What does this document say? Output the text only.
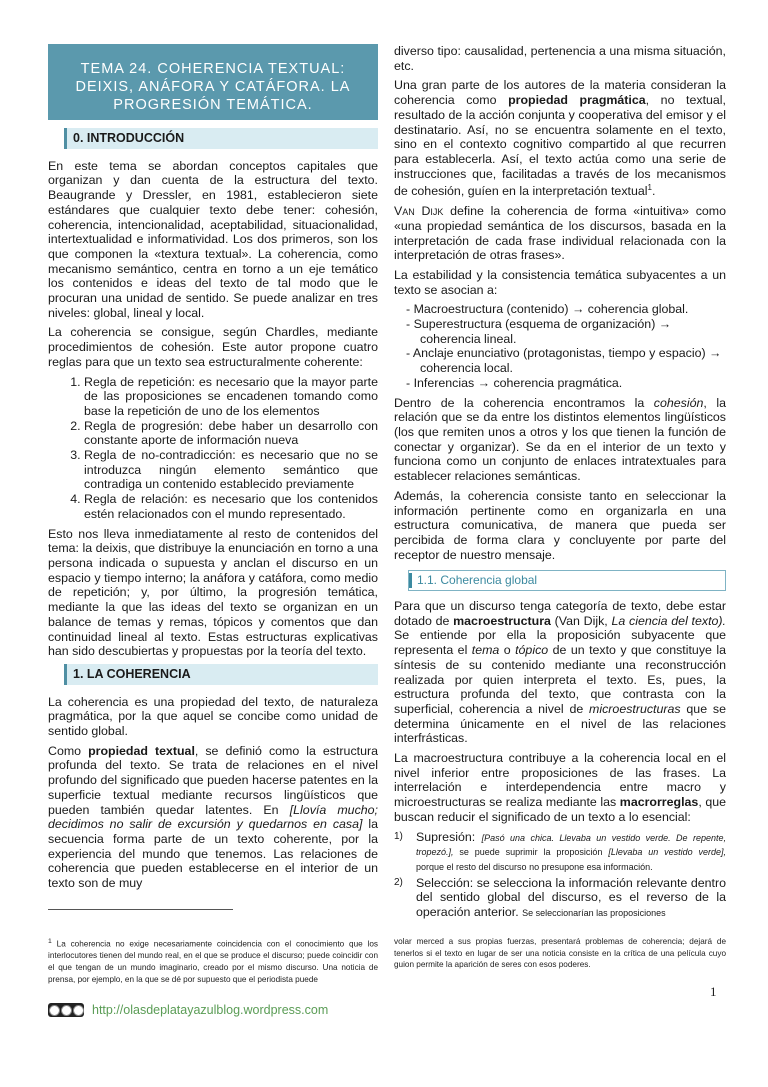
TEMA 24. COHERENCIA TEXTUAL: DEIXIS, ANÁFORA Y CATÁFORA. LA PROGRESIÓN TEMÁTICA.
0. INTRODUCCIÓN

En este tema se abordan conceptos capitales que organizan y dan cuenta de la estructura del texto. Beaugrande y Dressler, en 1981, establecieron siete estándares que cualquier texto debe tener: cohesión, coherencia, intencionalidad, aceptabilidad, situacionalidad, intertextualidad e informatividad. Los dos primeros, son los que componen la «textura textual». La coherencia, como mecanismo semántico, centra en torno a un eje temático los contenidos e ideas del texto de tal modo que le procuran una unidad de sentido. Se puede analizar en tres niveles: global, lineal y local.

La coherencia se consigue, según Chardles, mediante procedimientos de cohesión. Este autor propone cuatro reglas para que un texto sea estructuralmente coherente:

1. Regla de repetición: es necesario que la mayor parte de las proposiciones se encadenen tomando como base la repetición de uno de los elementos
2. Regla de progresión: debe haber un desarrollo con constante aporte de información nueva
3. Regla de no-contradicción: es necesario que no se introduzca ningún elemento semántico que contradiga un contenido establecido previamente
4. Regla de relación: es necesario que los contenidos estén relacionados con el mundo representado.

Esto nos lleva inmediatamente al resto de contenidos del tema: la deixis, que distribuye la enunciación en torno a una persona indicada o supuesta y anclan el discurso en un espacio y tiempo interno; la anáfora y catáfora, como medio de repetición; y, por último, la progresión temática, mediante la que las ideas del texto se organizan en un balance de temas y remas, tópicos y comentos que dan continuidad lineal al texto. Estas estructuras explicativas han sido descubiertas y propuestas por la teoría del texto.

1. LA COHERENCIA

La coherencia es una propiedad del texto, de naturaleza pragmática, por la que aquel se concibe como unidad de sentido global.

Como propiedad textual, se definió como la estructura profunda del texto. Se trata de relaciones en el nivel profundo del significado que pueden hacerse patentes en la superficie textual mediante recursos lingüísticos que pueden también quedar latentes. En [Llovía mucho; decidimos no salir de excursión y quedarnos en casa] la secuencia forma parte de un texto coherente, por la experiencia del mundo que tenemos. Las relaciones de coherencia que pueden establecerse en el interior de un texto son de muy

diverso tipo: causalidad, pertenencia a una misma situación, etc.

Una gran parte de los autores de la materia consideran la coherencia como propiedad pragmática, no textual, resultado de la acción conjunta y cooperativa del emisor y el destinatario. Así, no se encuentra solamente en el texto, sino en el contexto cognitivo compartido al que recurren para establecerla. Así, el texto actúa como una serie de instrucciones que, facilitadas a través de los mecanismos de cohesión, guíen en la interpretación textual$^1$.

Van Dijk define la coherencia de forma «intuitiva» como «una propiedad semántica de los discursos, basada en la interpretación de cada frase individual relacionada con la interpretación de otras frases».

La estabilidad y la consistencia temática subyacentes a un texto se asocian a:

- Macroestructura (contenido) → coherencia global.
- Superestructura (esquema de organización) → coherencia lineal.
- Anclaje enunciativo (protagonistas, tiempo y espacio) → coherencia local.
- Inferencias → coherencia pragmática.

Dentro de la coherencia encontramos la cohesión, la relación que se da entre los distintos elementos lingüísticos (los que remiten unos a otros y los que tienen la función de conectar y organizar). Se da en el interior de un texto y funciona como un conjunto de enlaces intratextuales para establecer relaciones semánticas.

Además, la coherencia consiste tanto en seleccionar la información pertinente como en organizarla en una estructura comunicativa, de manera que pueda ser percibida de forma clara y concluyente por parte del receptor de nuestro mensaje.

1.1. Coherencia global

Para que un discurso tenga categoría de texto, debe estar dotado de macroestructura (Van Dijk, La ciencia del texto). Se entiende por ella la proposición subyacente que representa el tema o tópico de un texto y que constituye la síntesis de su contenido mediante una reconstrucción realizada por quien interpreta el texto. Es, pues, la estructura profunda del texto, que contrasta con la superficial, coherencia a nivel de microestructuras que se determina únicamente en el nivel de las relaciones interfrásticas.

La macroestructura contribuye a la coherencia local en el nivel inferior entre proposiciones de las frases. La interrelación e interdependencia entre macro y microestructuras se realiza mediante las macrorreglas, que buscan reducir el significado de un texto a lo esencial:

1)	Supresión: [Pasó una chica. Llevaba un vestido verde. De repente, tropezó.], se puede suprimir la proposición [Llevaba un vestido verde], porque el resto del discurso no presupone esa información.
2)	Selección: se selecciona la información relevante dentro del sentido global del discurso, es el reverso de la operación anterior. Se seleccionarían las proposiciones
$^1$ La coherencia no exige necesariamente coincidencia con el conocimiento que los interlocutores tienen del mundo real, en el que se produce el discurso; puede coincidir con el que tengan de un mundo imaginario, creado por el mismo discurso. Una noticia de prensa, por ejemplo, en la que se dé por supuesto que el periodista puede
volar merced a sus propias fuerzas, presentará problemas de coherencia; dejará de tenerlos si el texto en lugar de ser una noticia consiste en la crítica de una película cuyo guion permite la aparición de seres con esos poderes.
1
http://olasdeplatayazulblog.wordpress.com
